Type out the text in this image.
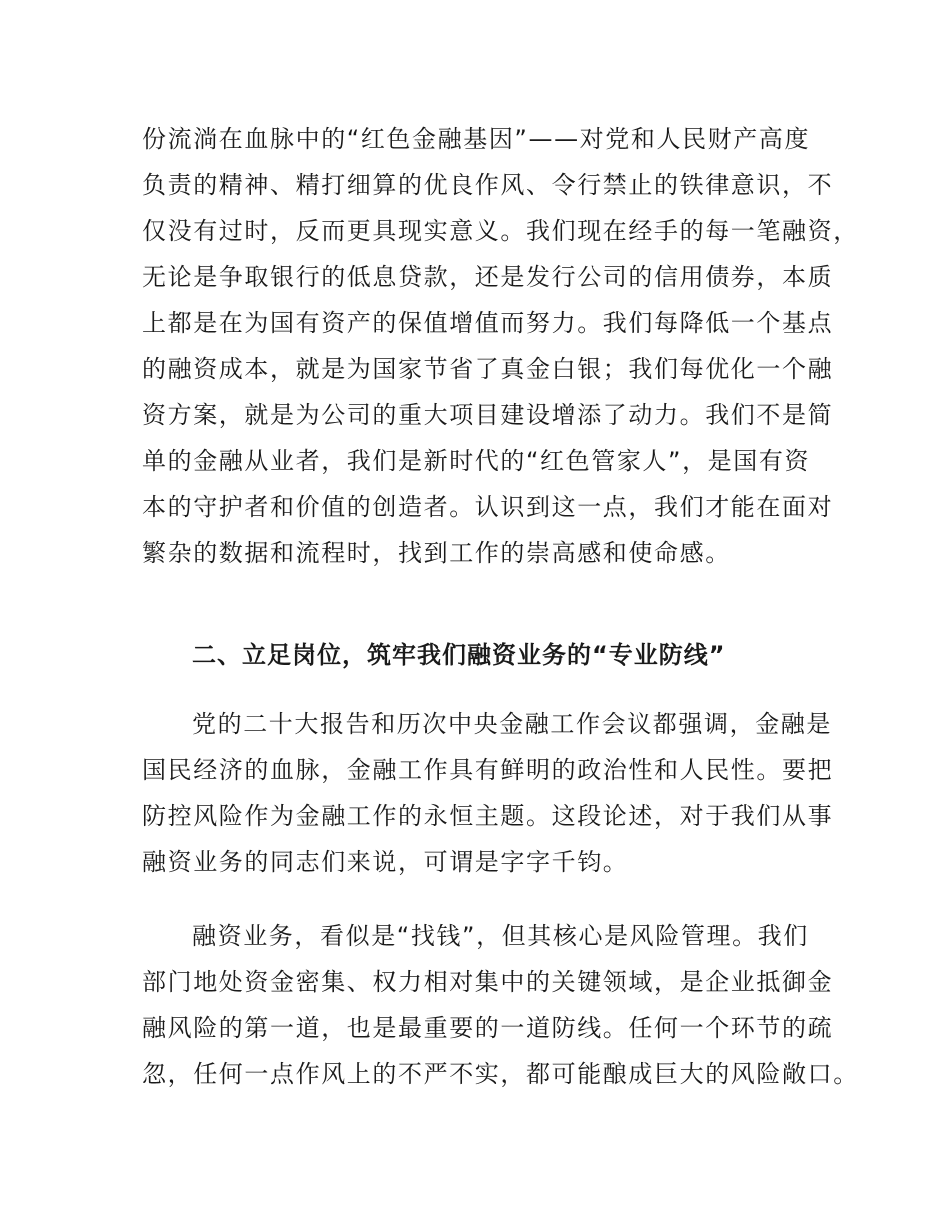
份流淌在血脉中的“红色金融基因”——对党和人民财产高度
负责的精神、精打细算的优良作风、令行禁止的铁律意识，不
仅没有过时，反而更具现实意义。我们现在经手的每一笔融资，
无论是争取银行的低息贷款，还是发行公司的信用债券，本质
上都是在为国有资产的保值增值而努力。我们每降低一个基点
的融资成本，就是为国家节省了真金白银；我们每优化一个融
资方案，就是为公司的重大项目建设增添了动力。我们不是简
单的金融从业者，我们是新时代的“红色管家人”，是国有资
本的守护者和价值的创造者。认识到这一点，我们才能在面对
繁杂的数据和流程时，找到工作的崇高感和使命感。
二、立足岗位，筑牢我们融资业务的“专业防线”
党的二十大报告和历次中央金融工作会议都强调，金融是
国民经济的血脉，金融工作具有鲜明的政治性和人民性。要把
防控风险作为金融工作的永恒主题。这段论述，对于我们从事
融资业务的同志们来说，可谓是字字千钧。
融资业务，看似是“找钱”，但其核心是风险管理。我们
部门地处资金密集、权力相对集中的关键领域，是企业抵御金
融风险的第一道，也是最重要的一道防线。任何一个环节的疏
忽，任何一点作风上的不严不实，都可能酿成巨大的风险敞口。
